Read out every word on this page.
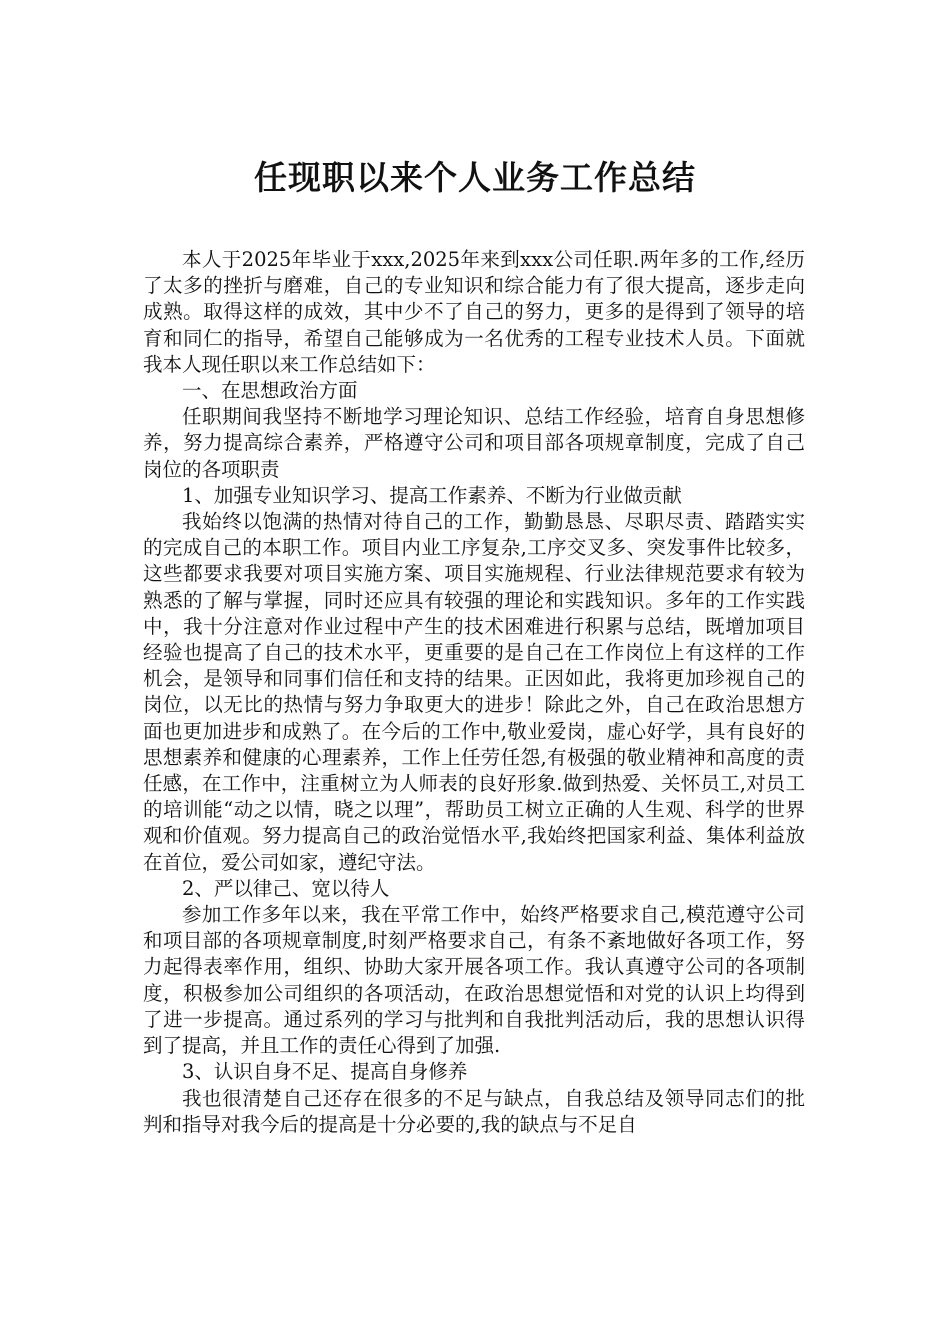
任现职以来个人业务工作总结

本人于2025年毕业于xxx,2025年来到xxx公司任职.两年多的工作,经历了太多的挫折与磨难，自己的专业知识和综合能力有了很大提高，逐步走向成熟。取得这样的成效，其中少不了自己的努力，更多的是得到了领导的培育和同仁的指导，希望自己能够成为一名优秀的工程专业技术人员。下面就我本人现任职以来工作总结如下：

一、在思想政治方面

任职期间我坚持不断地学习理论知识、总结工作经验，培育自身思想修养，努力提高综合素养，严格遵守公司和项目部各项规章制度，完成了自己岗位的各项职责

1、加强专业知识学习、提高工作素养、不断为行业做贡献

我始终以饱满的热情对待自己的工作，勤勤恳恳、尽职尽责、踏踏实实的完成自己的本职工作。项目内业工序复杂,工序交叉多、突发事件比较多，这些都要求我要对项目实施方案、项目实施规程、行业法律规范要求有较为熟悉的了解与掌握，同时还应具有较强的理论和实践知识。多年的工作实践中，我十分注意对作业过程中产生的技术困难进行积累与总结，既增加项目经验也提高了自己的技术水平，更重要的是自己在工作岗位上有这样的工作机会，是领导和同事们信任和支持的结果。正因如此，我将更加珍视自己的岗位，以无比的热情与努力争取更大的进步！除此之外，自己在政治思想方面也更加进步和成熟了。在今后的工作中,敬业爱岗，虚心好学，具有良好的思想素养和健康的心理素养，工作上任劳任怨,有极强的敬业精神和高度的责任感，在工作中，注重树立为人师表的良好形象.做到热爱、关怀员工,对员工的培训能“动之以情，晓之以理”，帮助员工树立正确的人生观、科学的世界观和价值观。努力提高自己的政治觉悟水平,我始终把国家利益、集体利益放在首位，爱公司如家，遵纪守法。

2、严以律己、宽以待人

参加工作多年以来，我在平常工作中，始终严格要求自己,模范遵守公司和项目部的各项规章制度,时刻严格要求自己，有条不紊地做好各项工作，努力起得表率作用，组织、协助大家开展各项工作。我认真遵守公司的各项制度，积极参加公司组织的各项活动，在政治思想觉悟和对党的认识上均得到了进一步提高。通过系列的学习与批判和自我批判活动后，我的思想认识得到了提高，并且工作的责任心得到了加强.

3、认识自身不足、提高自身修养

我也很清楚自己还存在很多的不足与缺点，自我总结及领导同志们的批判和指导对我今后的提高是十分必要的,我的缺点与不足自
